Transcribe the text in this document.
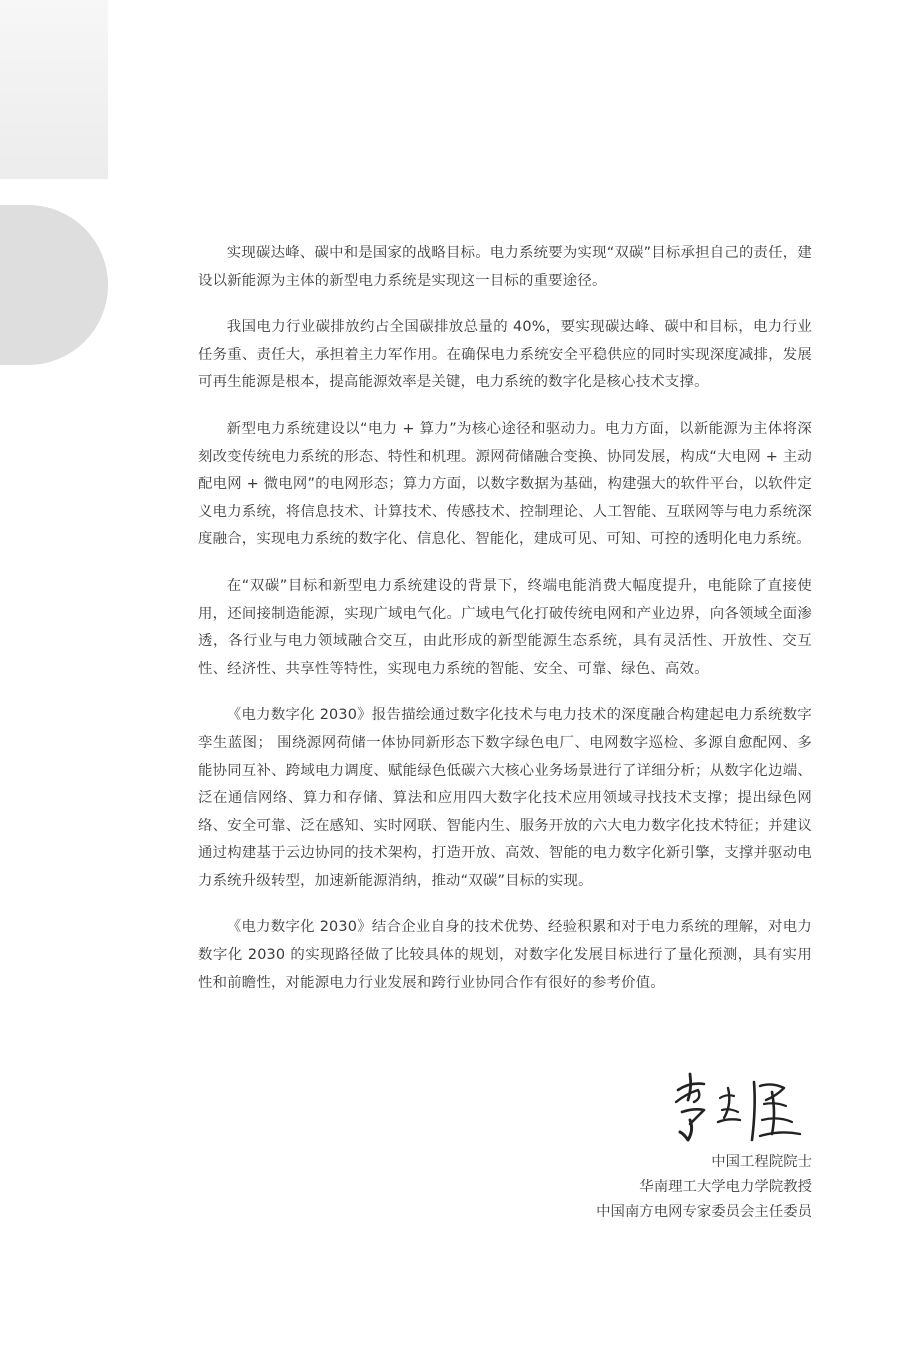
实现碳达峰、碳中和是国家的战略目标。电力系统要为实现“双碳”目标承担自己的责任，建设以新能源为主体的新型电力系统是实现这一目标的重要途径。

我国电力行业碳排放约占全国碳排放总量的 40%，要实现碳达峰、碳中和目标，电力行业任务重、责任大，承担着主力军作用。在确保电力系统安全平稳供应的同时实现深度减排，发展可再生能源是根本，提高能源效率是关键，电力系统的数字化是核心技术支撑。

新型电力系统建设以“电力 + 算力”为核心途径和驱动力。电力方面，以新能源为主体将深刻改变传统电力系统的形态、特性和机理。源网荷储融合变换、协同发展，构成“大电网 + 主动配电网 + 微电网”的电网形态；算力方面，以数字数据为基础，构建强大的软件平台，以软件定义电力系统，将信息技术、计算技术、传感技术、控制理论、人工智能、互联网等与电力系统深度融合，实现电力系统的数字化、信息化、智能化，建成可见、可知、可控的透明化电力系统。

在“双碳”目标和新型电力系统建设的背景下，终端电能消费大幅度提升，电能除了直接使用，还间接制造能源，实现广域电气化。广域电气化打破传统电网和产业边界，向各领域全面渗透，各行业与电力领域融合交互，由此形成的新型能源生态系统，具有灵活性、开放性、交互性、经济性、共享性等特性，实现电力系统的智能、安全、可靠、绿色、高效。

《电力数字化 2030》报告描绘通过数字化技术与电力技术的深度融合构建起电力系统数字孪生蓝图； 围绕源网荷储一体协同新形态下数字绿色电厂、电网数字巡检、多源自愈配网、多能协同互补、跨域电力调度、赋能绿色低碳六大核心业务场景进行了详细分析；从数字化边端、泛在通信网络、算力和存储、算法和应用四大数字化技术应用领域寻找技术支撑；提出绿色网络、安全可靠、泛在感知、实时网联、智能内生、服务开放的六大电力数字化技术特征；并建议通过构建基于云边协同的技术架构，打造开放、高效、智能的电力数字化新引擎，支撑并驱动电力系统升级转型，加速新能源消纳，推动“双碳”目标的实现。

《电力数字化 2030》结合企业自身的技术优势、经验积累和对于电力系统的理解，对电力数字化 2030 的实现路径做了比较具体的规划，对数字化发展目标进行了量化预测，具有实用性和前瞻性，对能源电力行业发展和跨行业协同合作有很好的参考价值。

中国工程院院士
华南理工大学电力学院教授
中国南方电网专家委员会主任委员
